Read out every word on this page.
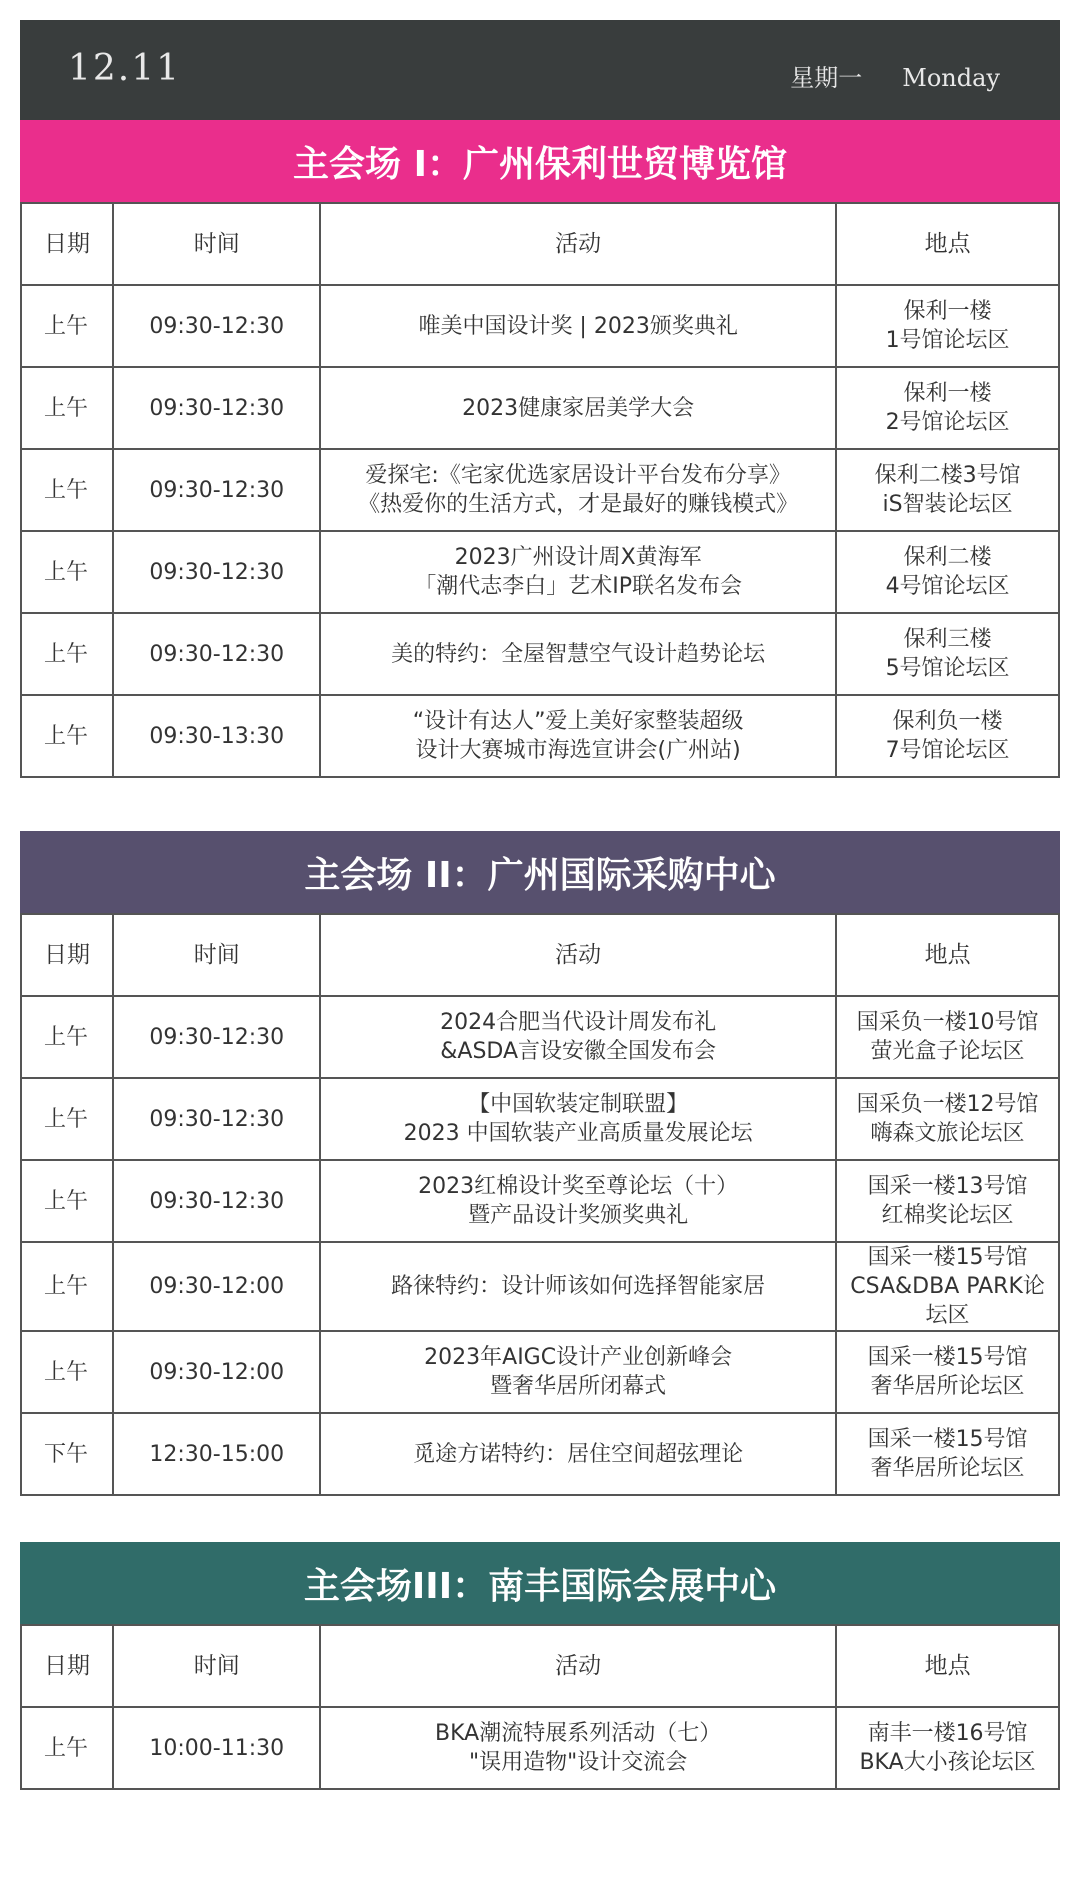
12.11	星期一 Monday
主会场 I：广州保利世贸博览馆
日期	时间	活动	地点
上午	09:30-12:30	唯美中国设计奖 | 2023颁奖典礼	保利一楼
1号馆论坛区
上午	09:30-12:30	2023健康家居美学大会	保利一楼
2号馆论坛区
上午	09:30-12:30	爱探宅:《宅家优选家居设计平台发布分享》
《热爱你的生活方式，才是最好的赚钱模式》	保利二楼3号馆
iS智装论坛区
上午	09:30-12:30	2023广州设计周X黄海军
「潮代志李白」艺术IP联名发布会	保利二楼
4号馆论坛区
上午	09:30-12:30	美的特约：全屋智慧空气设计趋势论坛	保利三楼
5号馆论坛区
上午	09:30-13:30	“设计有达人”爱上美好家整装超级
设计大赛城市海选宣讲会(广州站)	保利负一楼
7号馆论坛区
主会场 II：广州国际采购中心
日期	时间	活动	地点
上午	09:30-12:30	2024合肥当代设计周发布礼
&ASDA言设安徽全国发布会	国采负一楼10号馆
萤光盒子论坛区
上午	09:30-12:30	【中国软装定制联盟】
2023 中国软装产业高质量发展论坛	国采负一楼12号馆
嗨森文旅论坛区
上午	09:30-12:30	2023红棉设计奖至尊论坛（十）
暨产品设计奖颁奖典礼	国采一楼13号馆
红棉奖论坛区
上午	09:30-12:00	路徕特约：设计师该如何选择智能家居	国采一楼15号馆
CSA&DBA PARK论坛区
上午	09:30-12:00	2023年AIGC设计产业创新峰会
暨奢华居所闭幕式	国采一楼15号馆
奢华居所论坛区
下午	12:30-15:00	觅途方诺特约：居住空间超弦理论	国采一楼15号馆
奢华居所论坛区
主会场III：南丰国际会展中心
日期	时间	活动	地点
上午	10:00-11:30	BKA潮流特展系列活动（七）
"误用造物"设计交流会	南丰一楼16号馆
BKA大小孩论坛区
